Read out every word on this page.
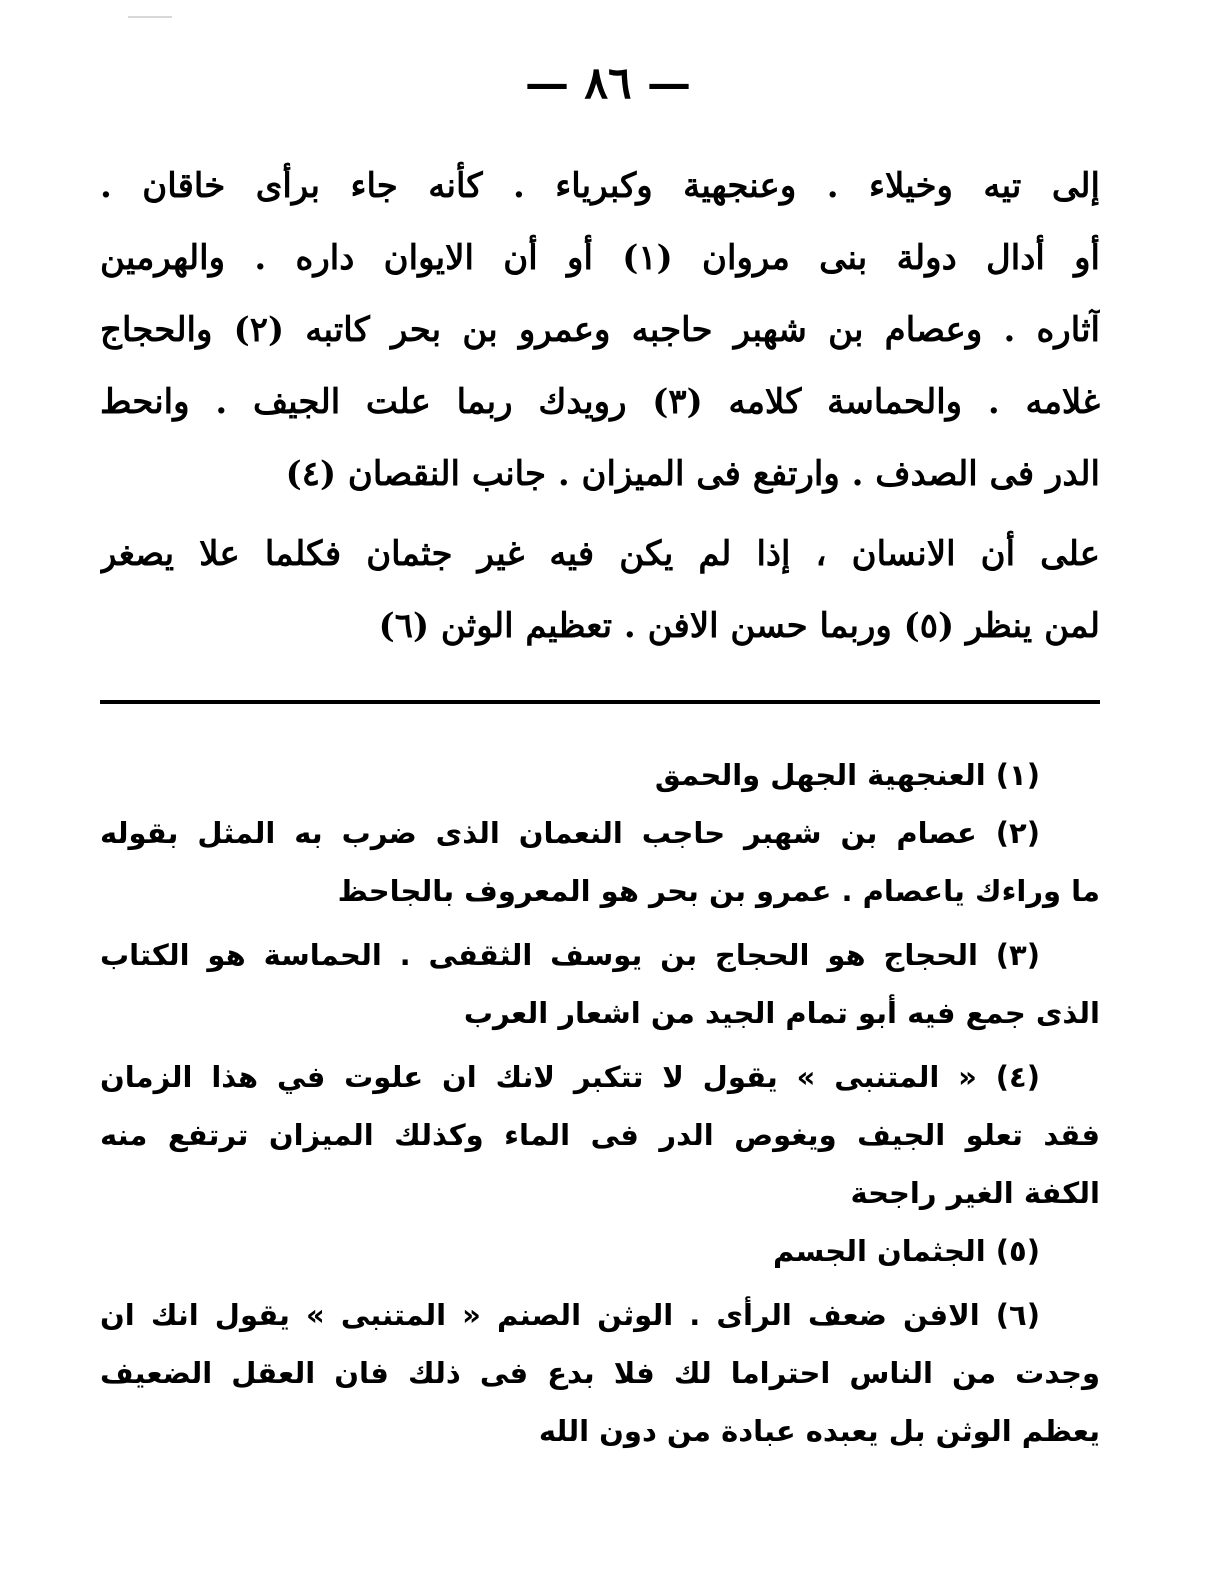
— ٨٦ —
إلى تيه وخيلاء . وعنجهية وكبرياء . كأنه جاء برأى خاقان .
أو أدال دولة بنى مروان (١) أو أن الايوان داره . والهرمين
آثاره . وعصام بن شهبر حاجبه وعمرو بن بحر كاتبه (٢) والحجاج
غلامه . والحماسة كلامه (٣) رويدك ربما علت الجيف . وانحط
الدر فى الصدف . وارتفع فى الميزان . جانب النقصان (٤)
على أن الانسان ، إذا لم يكن فيه غير جثمان فكلما علا يصغر
لمن ينظر (٥) وربما حسن الافن . تعظيم الوثن (٦)
(١) العنجهية الجهل والحمق
(٢) عصام بن شهبر حاجب النعمان الذى ضرب به المثل بقوله
ما وراءك ياعصام . عمرو بن بحر هو المعروف بالجاحظ
(٣) الحجاج هو الحجاج بن يوسف الثقفى . الحماسة هو الكتاب
الذى جمع فيه أبو تمام الجيد من اشعار العرب
(٤) « المتنبى » يقول لا تتكبر لانك ان علوت في هذا الزمان
فقد تعلو الجيف ويغوص الدر فى الماء وكذلك الميزان ترتفع منه
الكفة الغير راجحة
(٥) الجثمان الجسم
(٦) الافن ضعف الرأى . الوثن الصنم « المتنبى » يقول انك ان
وجدت من الناس احتراما لك فلا بدع فى ذلك فان العقل الضعيف
يعظم الوثن بل يعبده عبادة من دون الله
